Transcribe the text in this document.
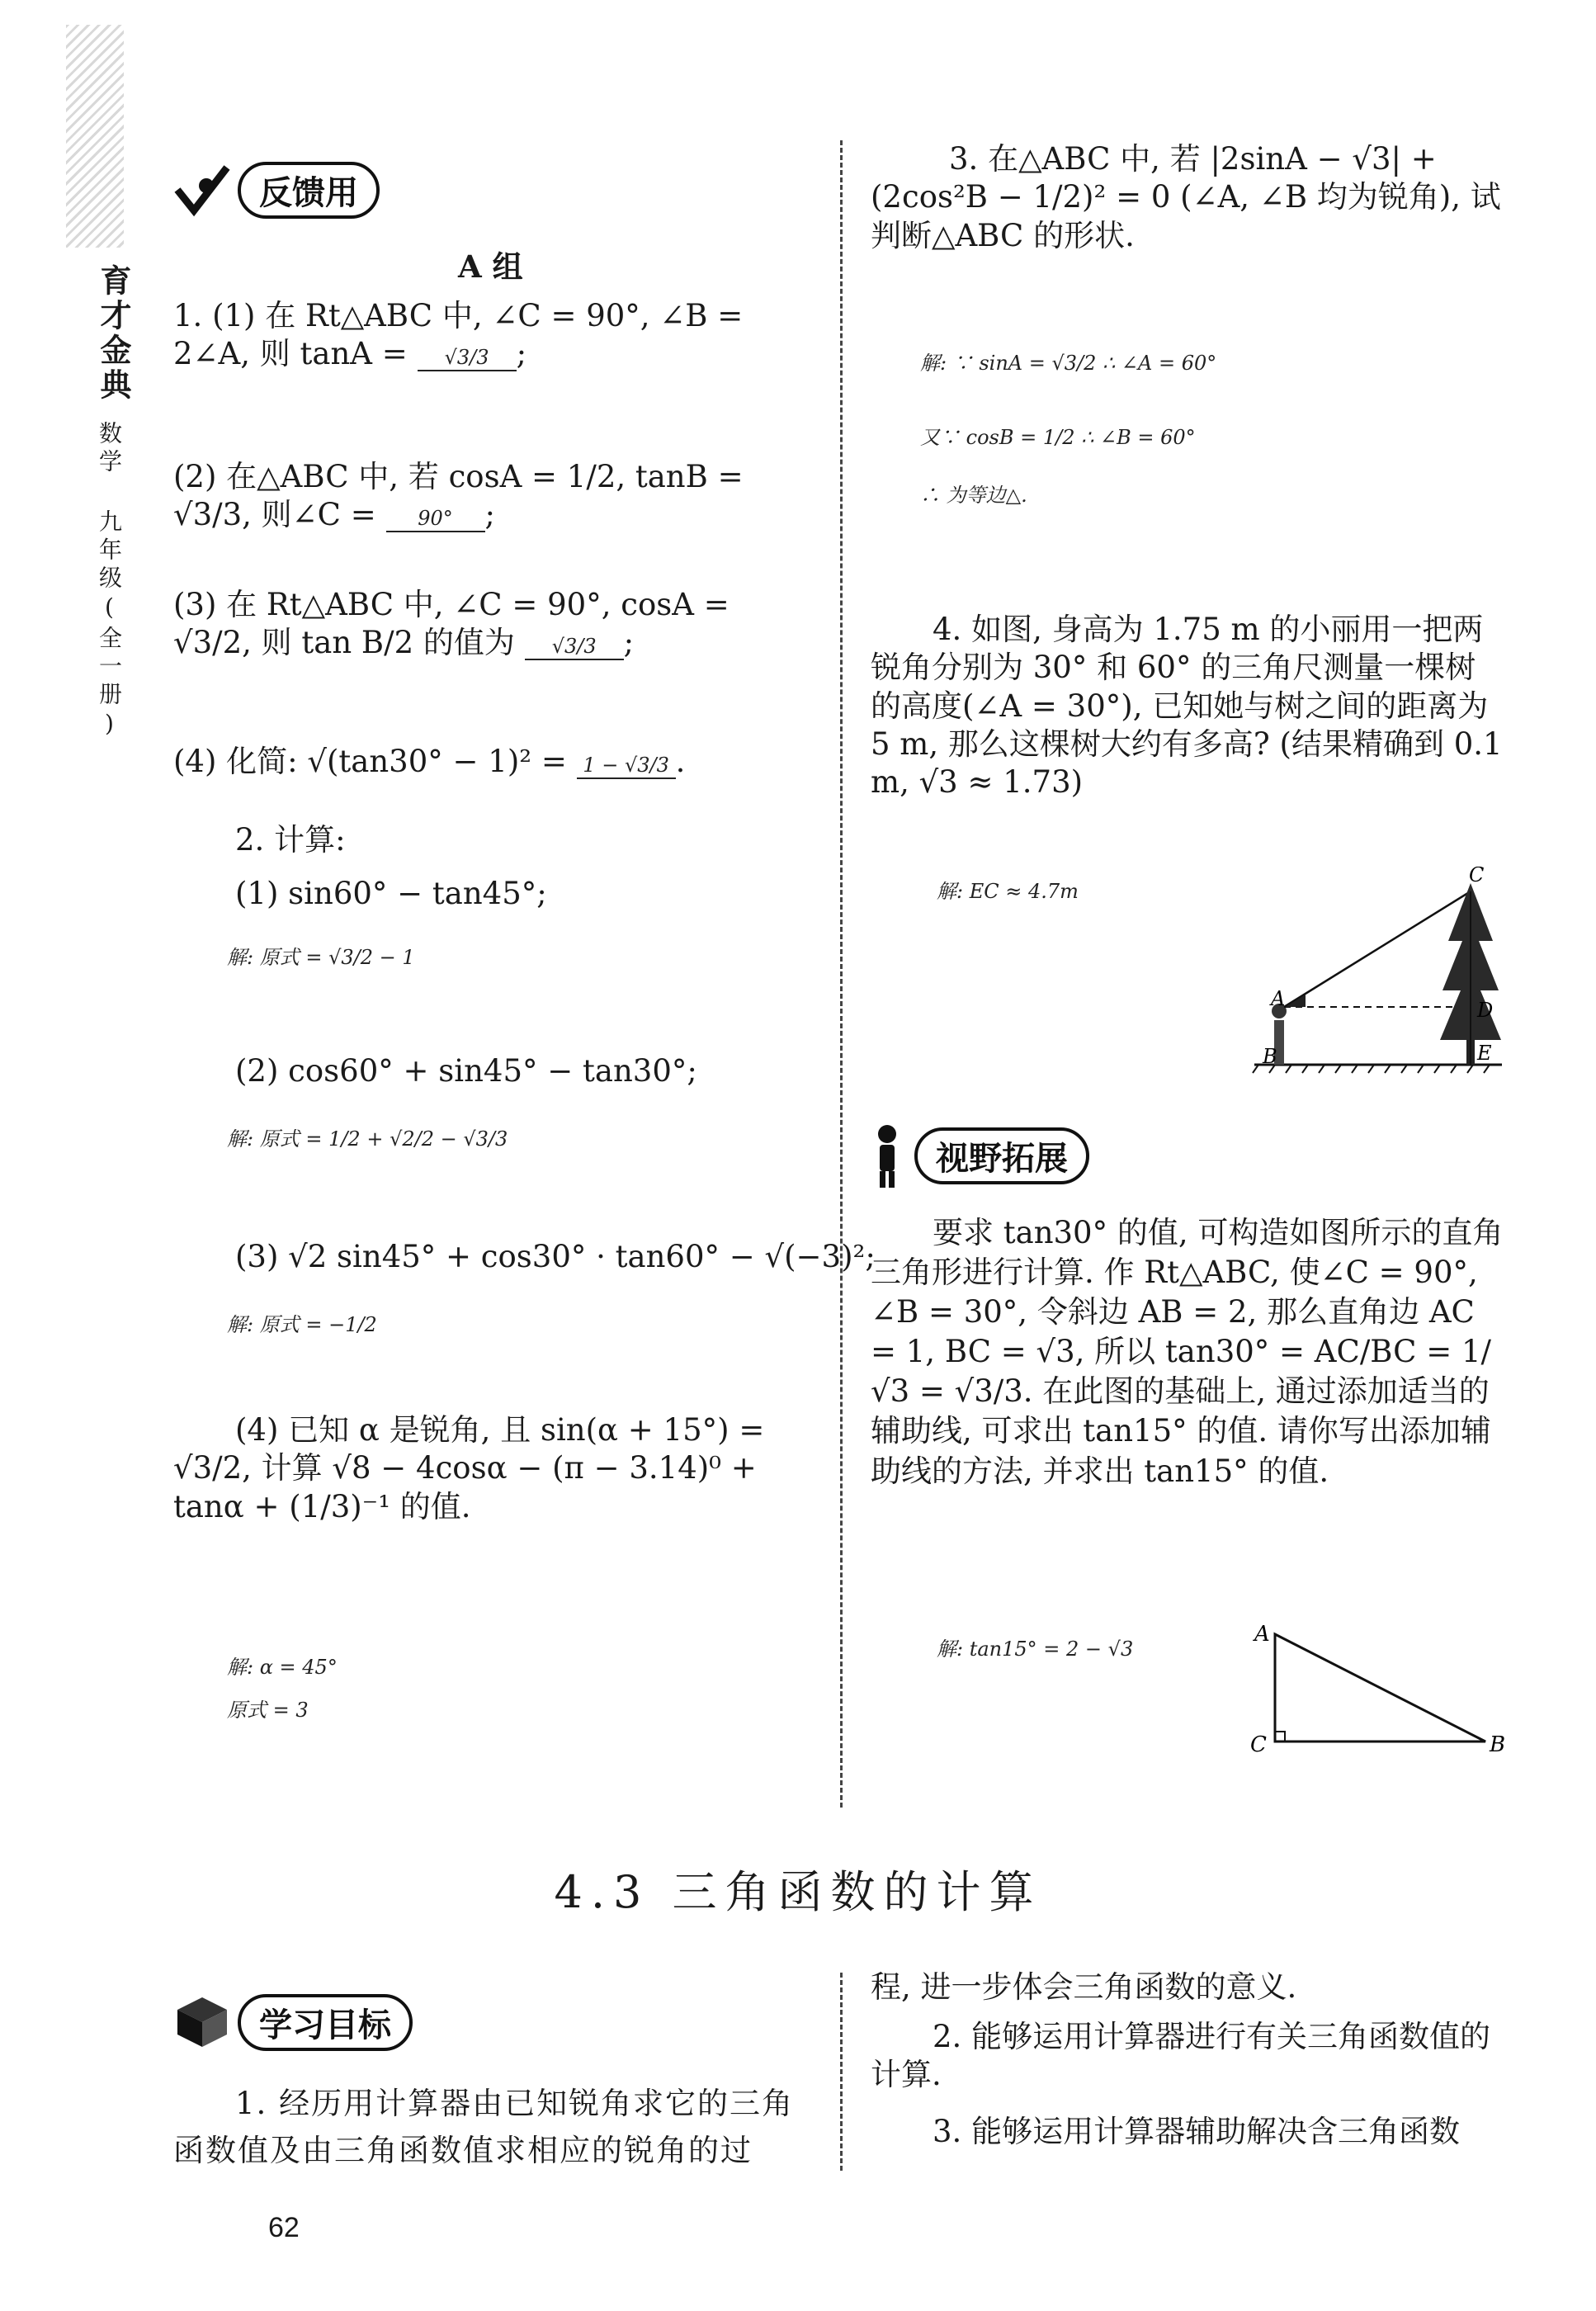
育才金典
数学 九年级(全一册)
反馈用
A 组
1. (1) 在 Rt△ABC 中, ∠C = 90°, ∠B = 2∠A, 则 tanA = √3/3 ;
(2) 在△ABC 中, 若 cosA = 1/2, tanB = √3/3, 则∠C = 90° ;
(3) 在 Rt△ABC 中, ∠C = 90°, cosA = √3/2, 则 tan B/2 的值为 √3/3 ;
(4) 化简: √(tan30° − 1)² = 1 − √3/3 .
2. 计算:
(1) sin60° − tan45°;
解: 原式 = √3/2 − 1
(2) cos60° + sin45° − tan30°;
解: 原式 = 1/2 + √2/2 − √3/3
(3) √2 sin45° + cos30° · tan60° − √(−3)²;
解: 原式 = −1/2
(4) 已知 α 是锐角, 且 sin(α + 15°) = √3/2, 计算 √8 − 4cosα − (π − 3.14)⁰ + tanα + (1/3)⁻¹ 的值.
解: α = 45°
原式 = 3
3. 在△ABC 中, 若 |2sinA − √3| + (2cos²B − 1/2)² = 0 (∠A, ∠B 均为锐角), 试判断△ABC 的形状.
解: ∵ sinA = √3/2 ∴ ∠A = 60°
又∵ cosB = 1/2 ∴ ∠B = 60°
∴ 为等边△.
4. 如图, 身高为 1.75 m 的小丽用一把两锐角分别为 30° 和 60° 的三角尺测量一棵树的高度(∠A = 30°), 已知她与树之间的距离为 5 m, 那么这棵树大约有多高? (结果精确到 0.1 m, √3 ≈ 1.73)
解: EC ≈ 4.7m
A
B
C
D
E
视野拓展
要求 tan30° 的值, 可构造如图所示的直角三角形进行计算. 作 Rt△ABC, 使∠C = 90°, ∠B = 30°, 令斜边 AB = 2, 那么直角边 AC = 1, BC = √3, 所以 tan30° = AC/BC = 1/√3 = √3/3. 在此图的基础上, 通过添加适当的辅助线, 可求出 tan15° 的值. 请你写出添加辅助线的方法, 并求出 tan15° 的值.
解: tan15° = 2 − √3
A
C	B
4.3 三角函数的计算
学习目标
1. 经历用计算器由已知锐角求它的三角函数值及由三角函数值求相应的锐角的过
程, 进一步体会三角函数的意义.
2. 能够运用计算器进行有关三角函数值的计算.
3. 能够运用计算器辅助解决含三角函数
62
